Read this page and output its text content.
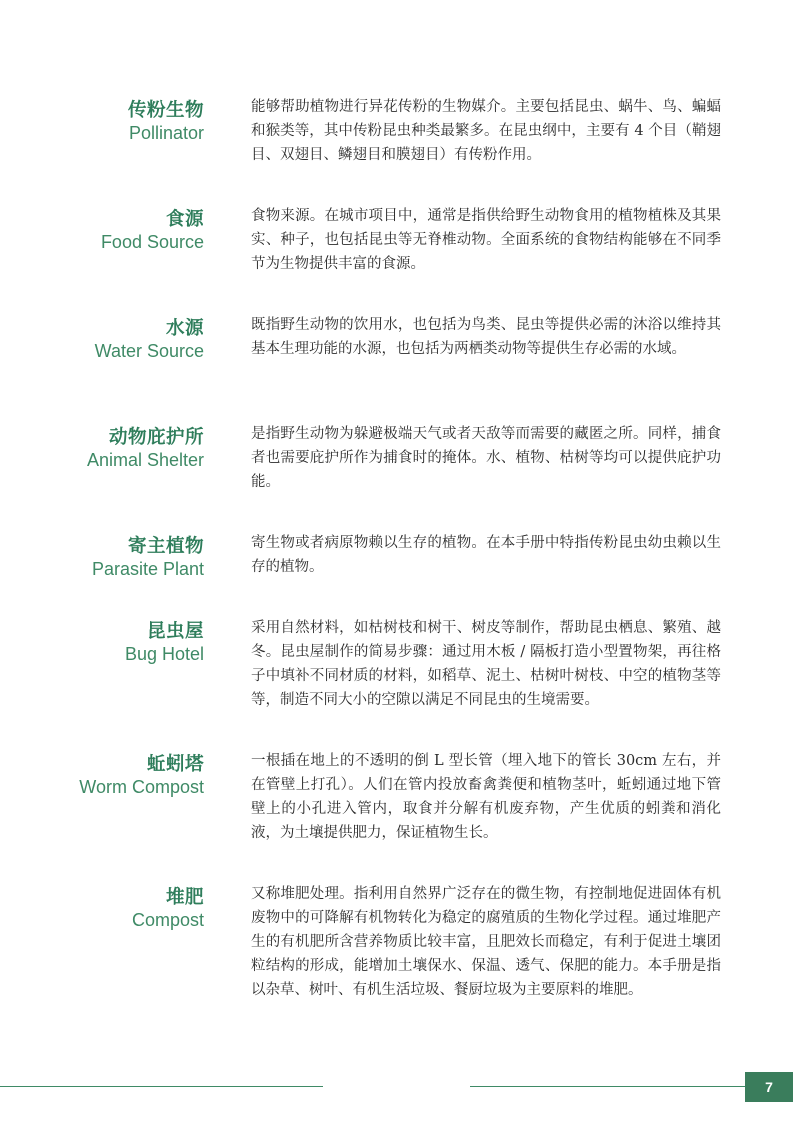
传粉生物
Pollinator

能够帮助植物进行异花传粉的生物媒介。主要包括昆虫、蜗牛、鸟、蝙蝠和猴类等，其中传粉昆虫种类最繁多。在昆虫纲中，主要有 4 个目（鞘翅目、双翅目、鳞翅目和膜翅目）有传粉作用。

食源
Food Source

食物来源。在城市项目中，通常是指供给野生动物食用的植物植株及其果实、种子，也包括昆虫等无脊椎动物。全面系统的食物结构能够在不同季节为生物提供丰富的食源。

水源
Water Source

既指野生动物的饮用水，也包括为鸟类、昆虫等提供必需的沐浴以维持其基本生理功能的水源，也包括为两栖类动物等提供生存必需的水域。

动物庇护所
Animal Shelter

是指野生动物为躲避极端天气或者天敌等而需要的藏匿之所。同样，捕食者也需要庇护所作为捕食时的掩体。水、植物、枯树等均可以提供庇护功能。

寄主植物
Parasite Plant

寄生物或者病原物赖以生存的植物。在本手册中特指传粉昆虫幼虫赖以生存的植物。

昆虫屋
Bug Hotel

采用自然材料，如枯树枝和树干、树皮等制作，帮助昆虫栖息、繁殖、越冬。昆虫屋制作的简易步骤：通过用木板 / 隔板打造小型置物架，再往格子中填补不同材质的材料，如稻草、泥土、枯树叶树枝、中空的植物茎等等，制造不同大小的空隙以满足不同昆虫的生境需要。

蚯蚓塔
Worm Compost

一根插在地上的不透明的倒 L 型长管（埋入地下的管长 30cm 左右，并在管壁上打孔）。人们在管内投放畜禽粪便和植物茎叶，蚯蚓通过地下管壁上的小孔进入管内，取食并分解有机废弃物，产生优质的蚓粪和消化液，为土壤提供肥力，保证植物生长。

堆肥
Compost

又称堆肥处理。指利用自然界广泛存在的微生物，有控制地促进固体有机废物中的可降解有机物转化为稳定的腐殖质的生物化学过程。通过堆肥产生的有机肥所含营养物质比较丰富，且肥效长而稳定，有利于促进土壤团粒结构的形成，能增加土壤保水、保温、透气、保肥的能力。本手册是指以杂草、树叶、有机生活垃圾、餐厨垃圾为主要原料的堆肥。

7
